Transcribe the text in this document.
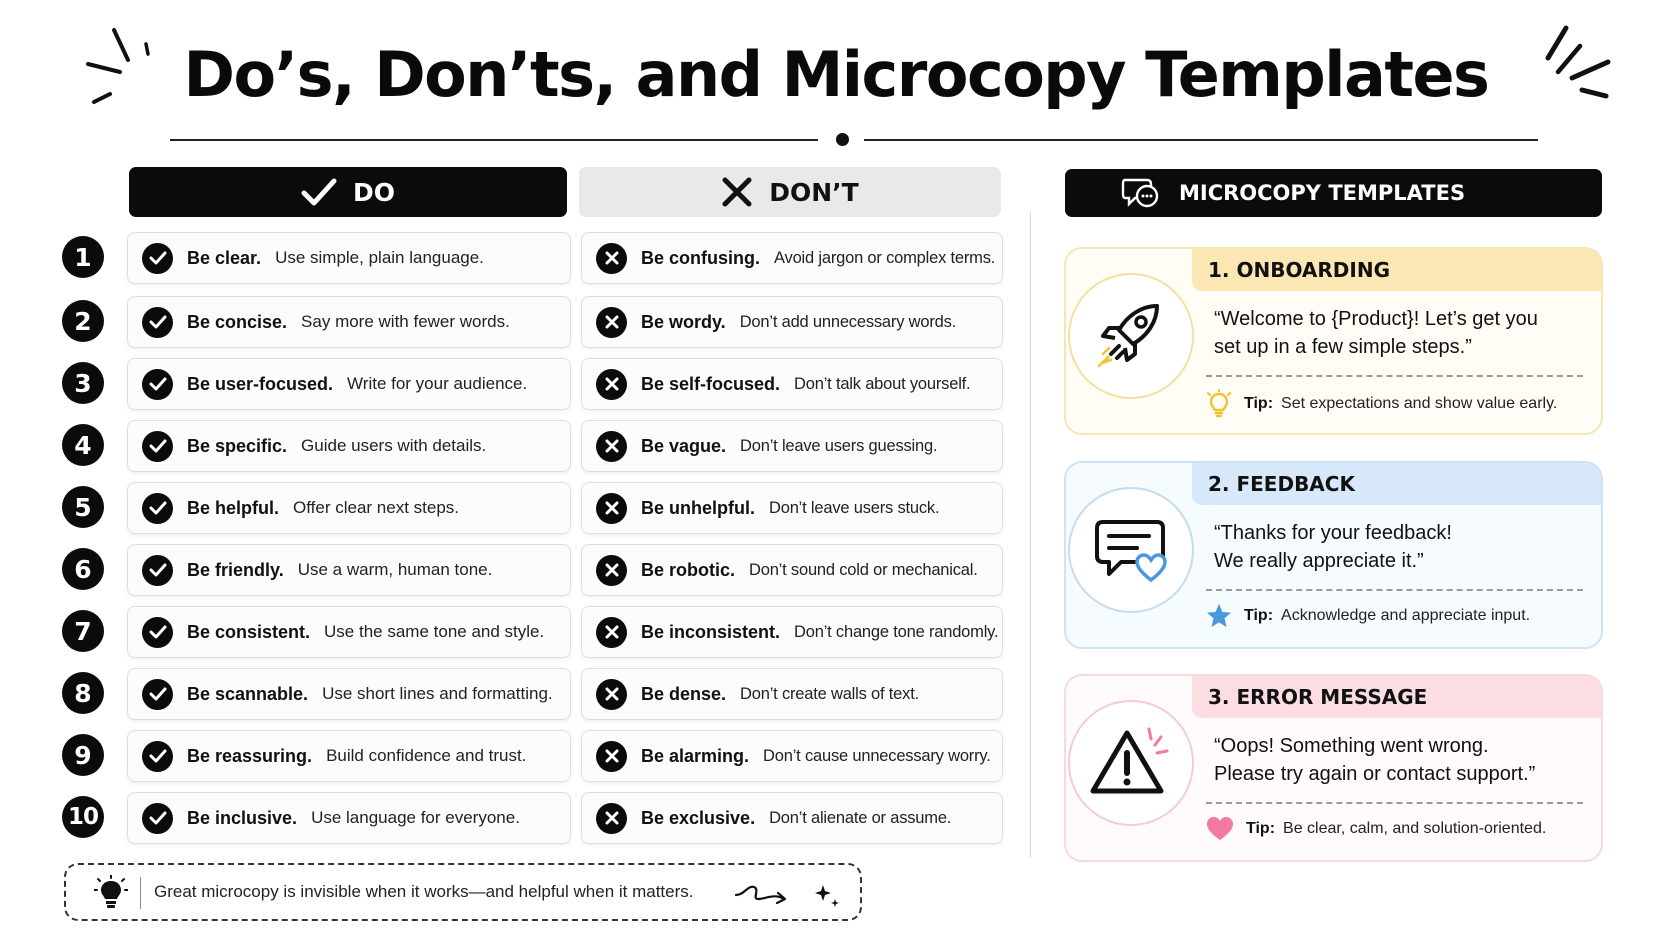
Do’s, Don’ts, and Microcopy Templates
DO	DON’T
1	Be clear. Use simple, plain language.	Be confusing. Avoid jargon or complex terms.
2	Be concise. Say more with fewer words.	Be wordy. Don’t add unnecessary words.
3	Be user-focused. Write for your audience.	Be self-focused. Don’t talk about yourself.
4	Be specific. Guide users with details.	Be vague. Don’t leave users guessing.
5	Be helpful. Offer clear next steps.	Be unhelpful. Don’t leave users stuck.
6	Be friendly. Use a warm, human tone.	Be robotic. Don’t sound cold or mechanical.
7	Be consistent. Use the same tone and style.	Be inconsistent. Don’t change tone randomly.
8	Be scannable. Use short lines and formatting.	Be dense. Don’t create walls of text.
9	Be reassuring. Build confidence and trust.	Be alarming. Don’t cause unnecessary worry.
10	Be inclusive. Use language for everyone.	Be exclusive. Don’t alienate or assume.
Great microcopy is invisible when it works—and helpful when it matters.
MICROCOPY TEMPLATES
1. ONBOARDING
“Welcome to {Product}! Let’s get you
set up in a few simple steps.”
Tip: Set expectations and show value early.
2. FEEDBACK
“Thanks for your feedback!
We really appreciate it.”
Tip: Acknowledge and appreciate input.
3. ERROR MESSAGE
“Oops! Something went wrong.
Please try again or contact support.”
Tip: Be clear, calm, and solution-oriented.
